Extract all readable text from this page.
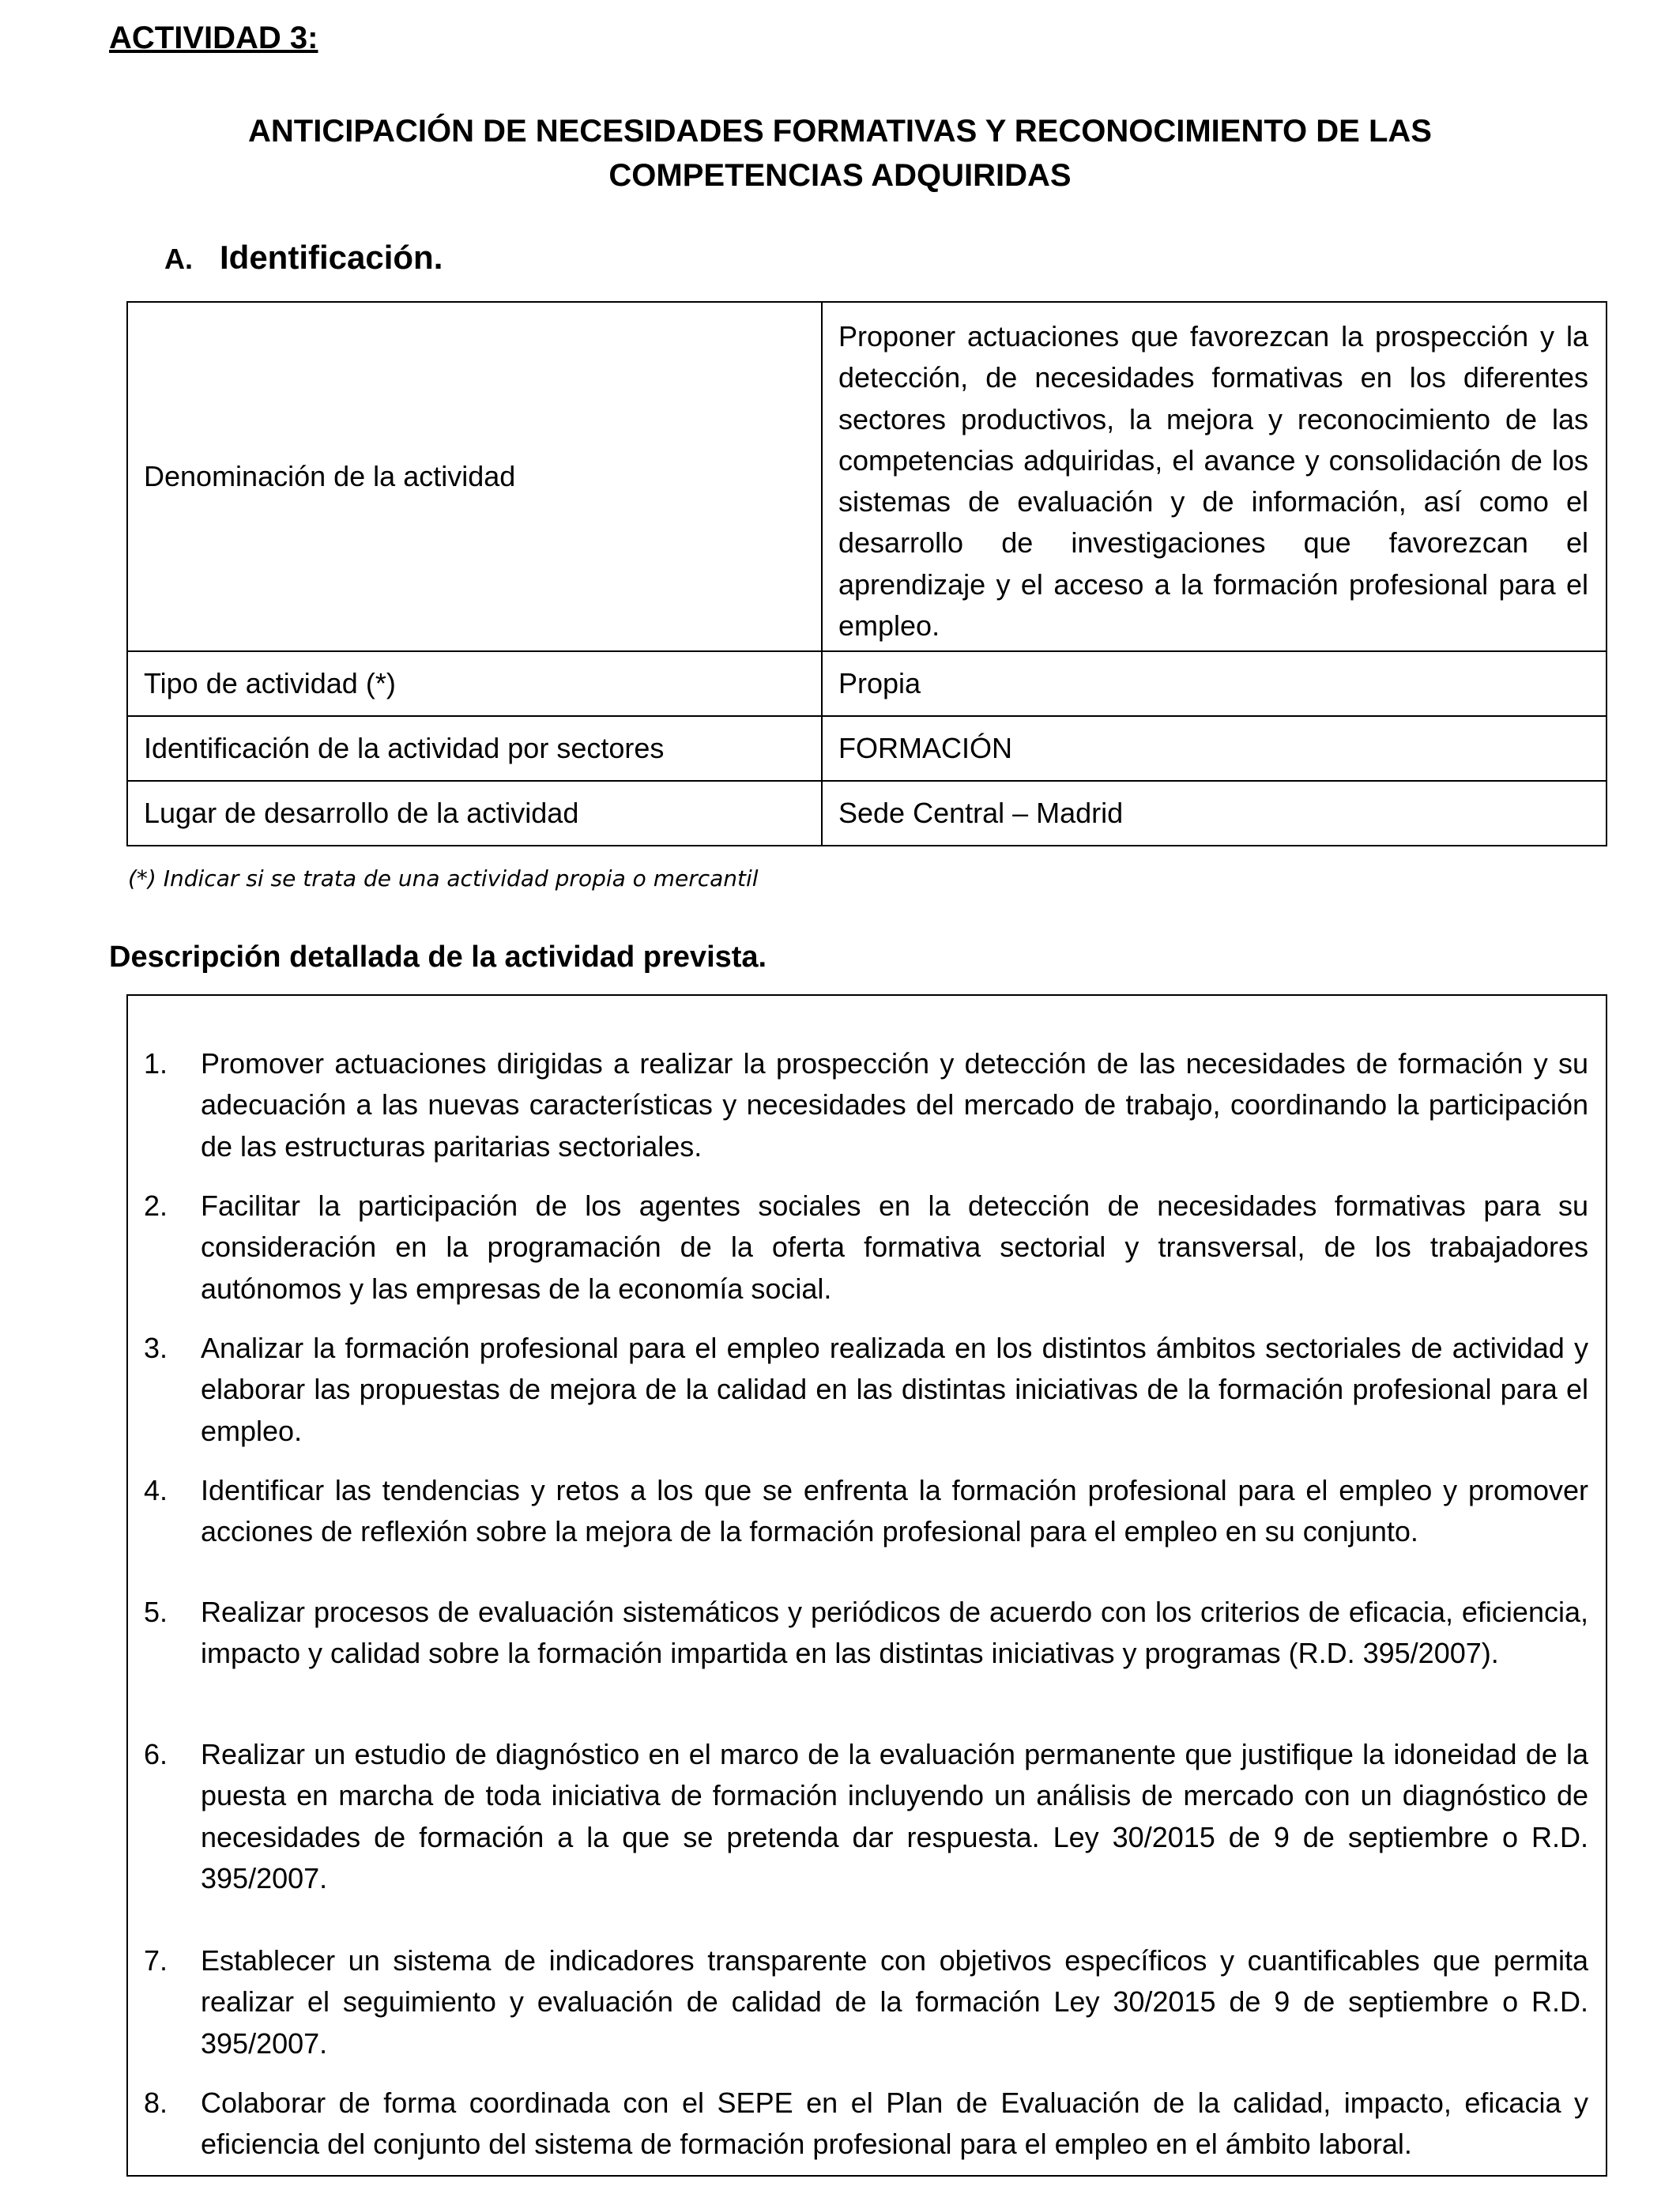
ACTIVIDAD 3:
ANTICIPACIÓN DE NECESIDADES FORMATIVAS Y RECONOCIMIENTO DE LAS
COMPETENCIAS ADQUIRIDAS
A. Identificación.
Denominación de la actividad	Proponer actuaciones que favorezcan la prospección y la detección, de necesidades formativas en los diferentes sectores productivos, la mejora y reconocimiento de las competencias adquiridas, el avance y consolidación de los sistemas de evaluación y de información, así como el desarrollo de investigaciones que favorezcan el aprendizaje y el acceso a la formación profesional para el empleo.
Tipo de actividad (*)	Propia
Identificación de la actividad por sectores	FORMACIÓN
Lugar de desarrollo de la actividad	Sede Central – Madrid
(*) Indicar si se trata de una actividad propia o mercantil
Descripción detallada de la actividad prevista.
1.	Promover actuaciones dirigidas a realizar la prospección y detección de las necesidades de formación y su adecuación a las nuevas características y necesidades del mercado de trabajo, coordinando la participación de las estructuras paritarias sectoriales.
2.	Facilitar la participación de los agentes sociales en la detección de necesidades formativas para su consideración en la programación de la oferta formativa sectorial y transversal, de los trabajadores autónomos y las empresas de la economía social.
3.	Analizar la formación profesional para el empleo realizada en los distintos ámbitos sectoriales de actividad y elaborar las propuestas de mejora de la calidad en las distintas iniciativas de la formación profesional para el empleo.
4.	Identificar las tendencias y retos a los que se enfrenta la formación profesional para el empleo y promover acciones de reflexión sobre la mejora de la formación profesional para el empleo en su conjunto.
5.	Realizar procesos de evaluación sistemáticos y periódicos de acuerdo con los criterios de eficacia, eficiencia, impacto y calidad sobre la formación impartida en las distintas iniciativas y programas (R.D. 395/2007).
6.	Realizar un estudio de diagnóstico en el marco de la evaluación permanente que justifique la idoneidad de la puesta en marcha de toda iniciativa de formación incluyendo un análisis de mercado con un diagnóstico de necesidades de formación a la que se pretenda dar respuesta. Ley 30/2015 de 9 de septiembre o R.D. 395/2007.
7.	Establecer un sistema de indicadores transparente con objetivos específicos y cuantificables que permita realizar el seguimiento y evaluación de calidad de la formación Ley 30/2015 de 9 de septiembre o R.D. 395/2007.
8.	Colaborar de forma coordinada con el SEPE en el Plan de Evaluación de la calidad, impacto, eficacia y eficiencia del conjunto del sistema de formación profesional para el empleo en el ámbito laboral.
